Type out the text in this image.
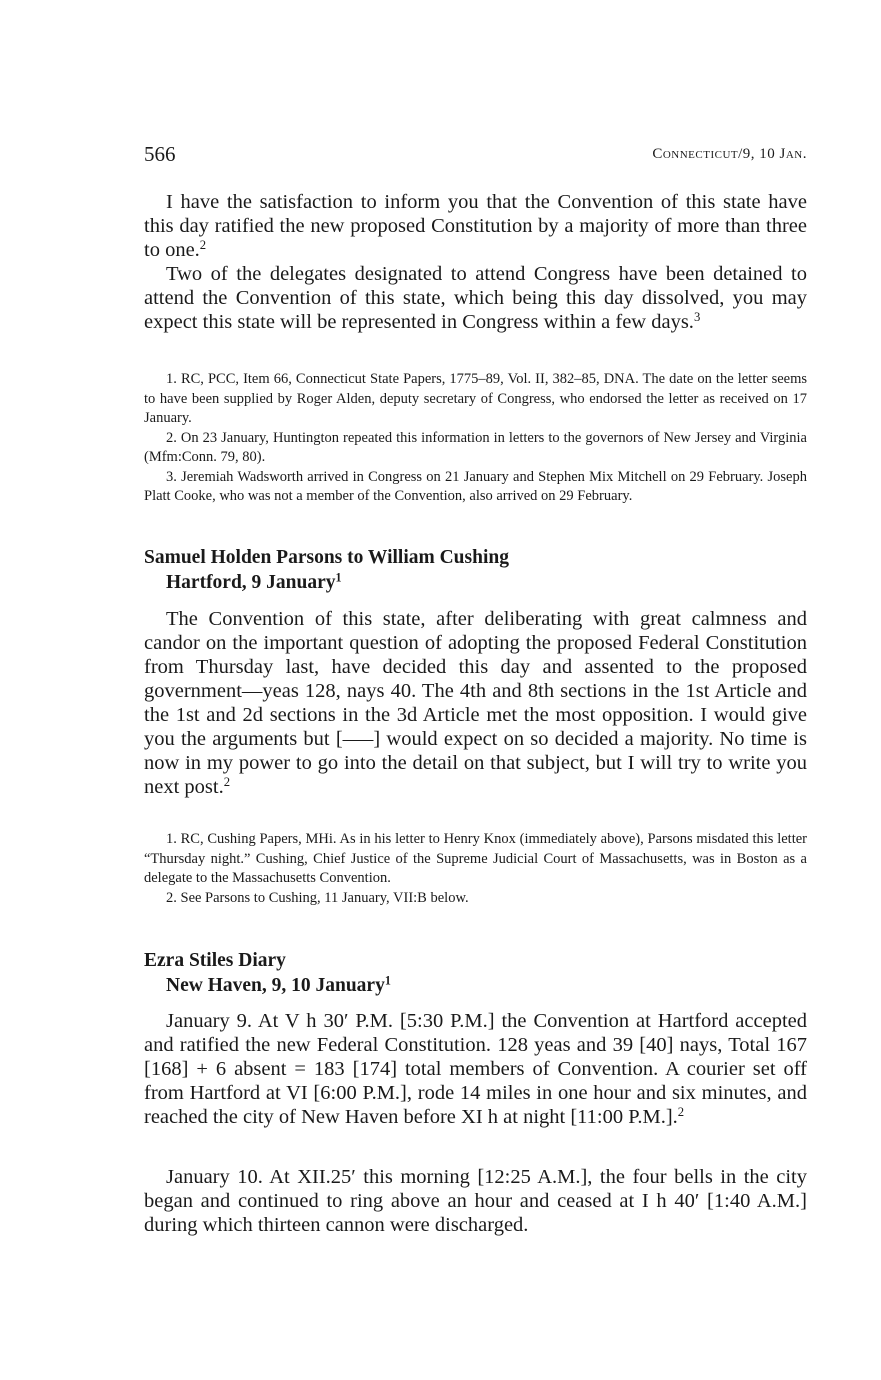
566	Connecticut/9, 10 Jan.

I have the satisfaction to inform you that the Convention of this state have this day ratified the new proposed Constitution by a majority of more than three to one.$^2$

Two of the delegates designated to attend Congress have been detained to attend the Convention of this state, which being this day dissolved, you may expect this state will be represented in Congress within a few days.$^3$

1. RC, PCC, Item 66, Connecticut State Papers, 1775–89, Vol. II, 382–85, DNA. The date on the letter seems to have been supplied by Roger Alden, deputy secretary of Congress, who endorsed the letter as received on 17 January.

2. On 23 January, Huntington repeated this information in letters to the governors of New Jersey and Virginia (Mfm:Conn. 79, 80).

3. Jeremiah Wadsworth arrived in Congress on 21 January and Stephen Mix Mitchell on 29 February. Joseph Platt Cooke, who was not a member of the Convention, also arrived on 29 February.

Samuel Holden Parsons to William Cushing
Hartford, 9 January$^1$

The Convention of this state, after deliberating with great calmness and candor on the important question of adopting the proposed Federal Constitution from Thursday last, have decided this day and assented to the proposed government—yeas 128, nays 40. The 4th and 8th sections in the 1st Article and the 1st and 2d sections in the 3d Article met the most opposition. I would give you the arguments but [—–] would expect on so decided a majority. No time is now in my power to go into the detail on that subject, but I will try to write you next post.$^2$

1. RC, Cushing Papers, MHi. As in his letter to Henry Knox (immediately above), Parsons misdated this letter “Thursday night.” Cushing, Chief Justice of the Supreme Judicial Court of Massachusetts, was in Boston as a delegate to the Massachusetts Convention.

2. See Parsons to Cushing, 11 January, VII:B below.

Ezra Stiles Diary
New Haven, 9, 10 January$^1$

January 9. At V h 30′ P.M. [5:30 P.M.] the Convention at Hartford accepted and ratified the new Federal Constitution. 128 yeas and 39 [40] nays, Total 167 [168] + 6 absent = 183 [174] total members of Convention. A courier set off from Hartford at VI [6:00 P.M.], rode 14 miles in one hour and six minutes, and reached the city of New Haven before XI h at night [11:00 P.M.].$^2$

January 10. At XII.25′ this morning [12:25 A.M.], the four bells in the city began and continued to ring above an hour and ceased at I h 40′ [1:40 A.M.] during which thirteen cannon were discharged.
